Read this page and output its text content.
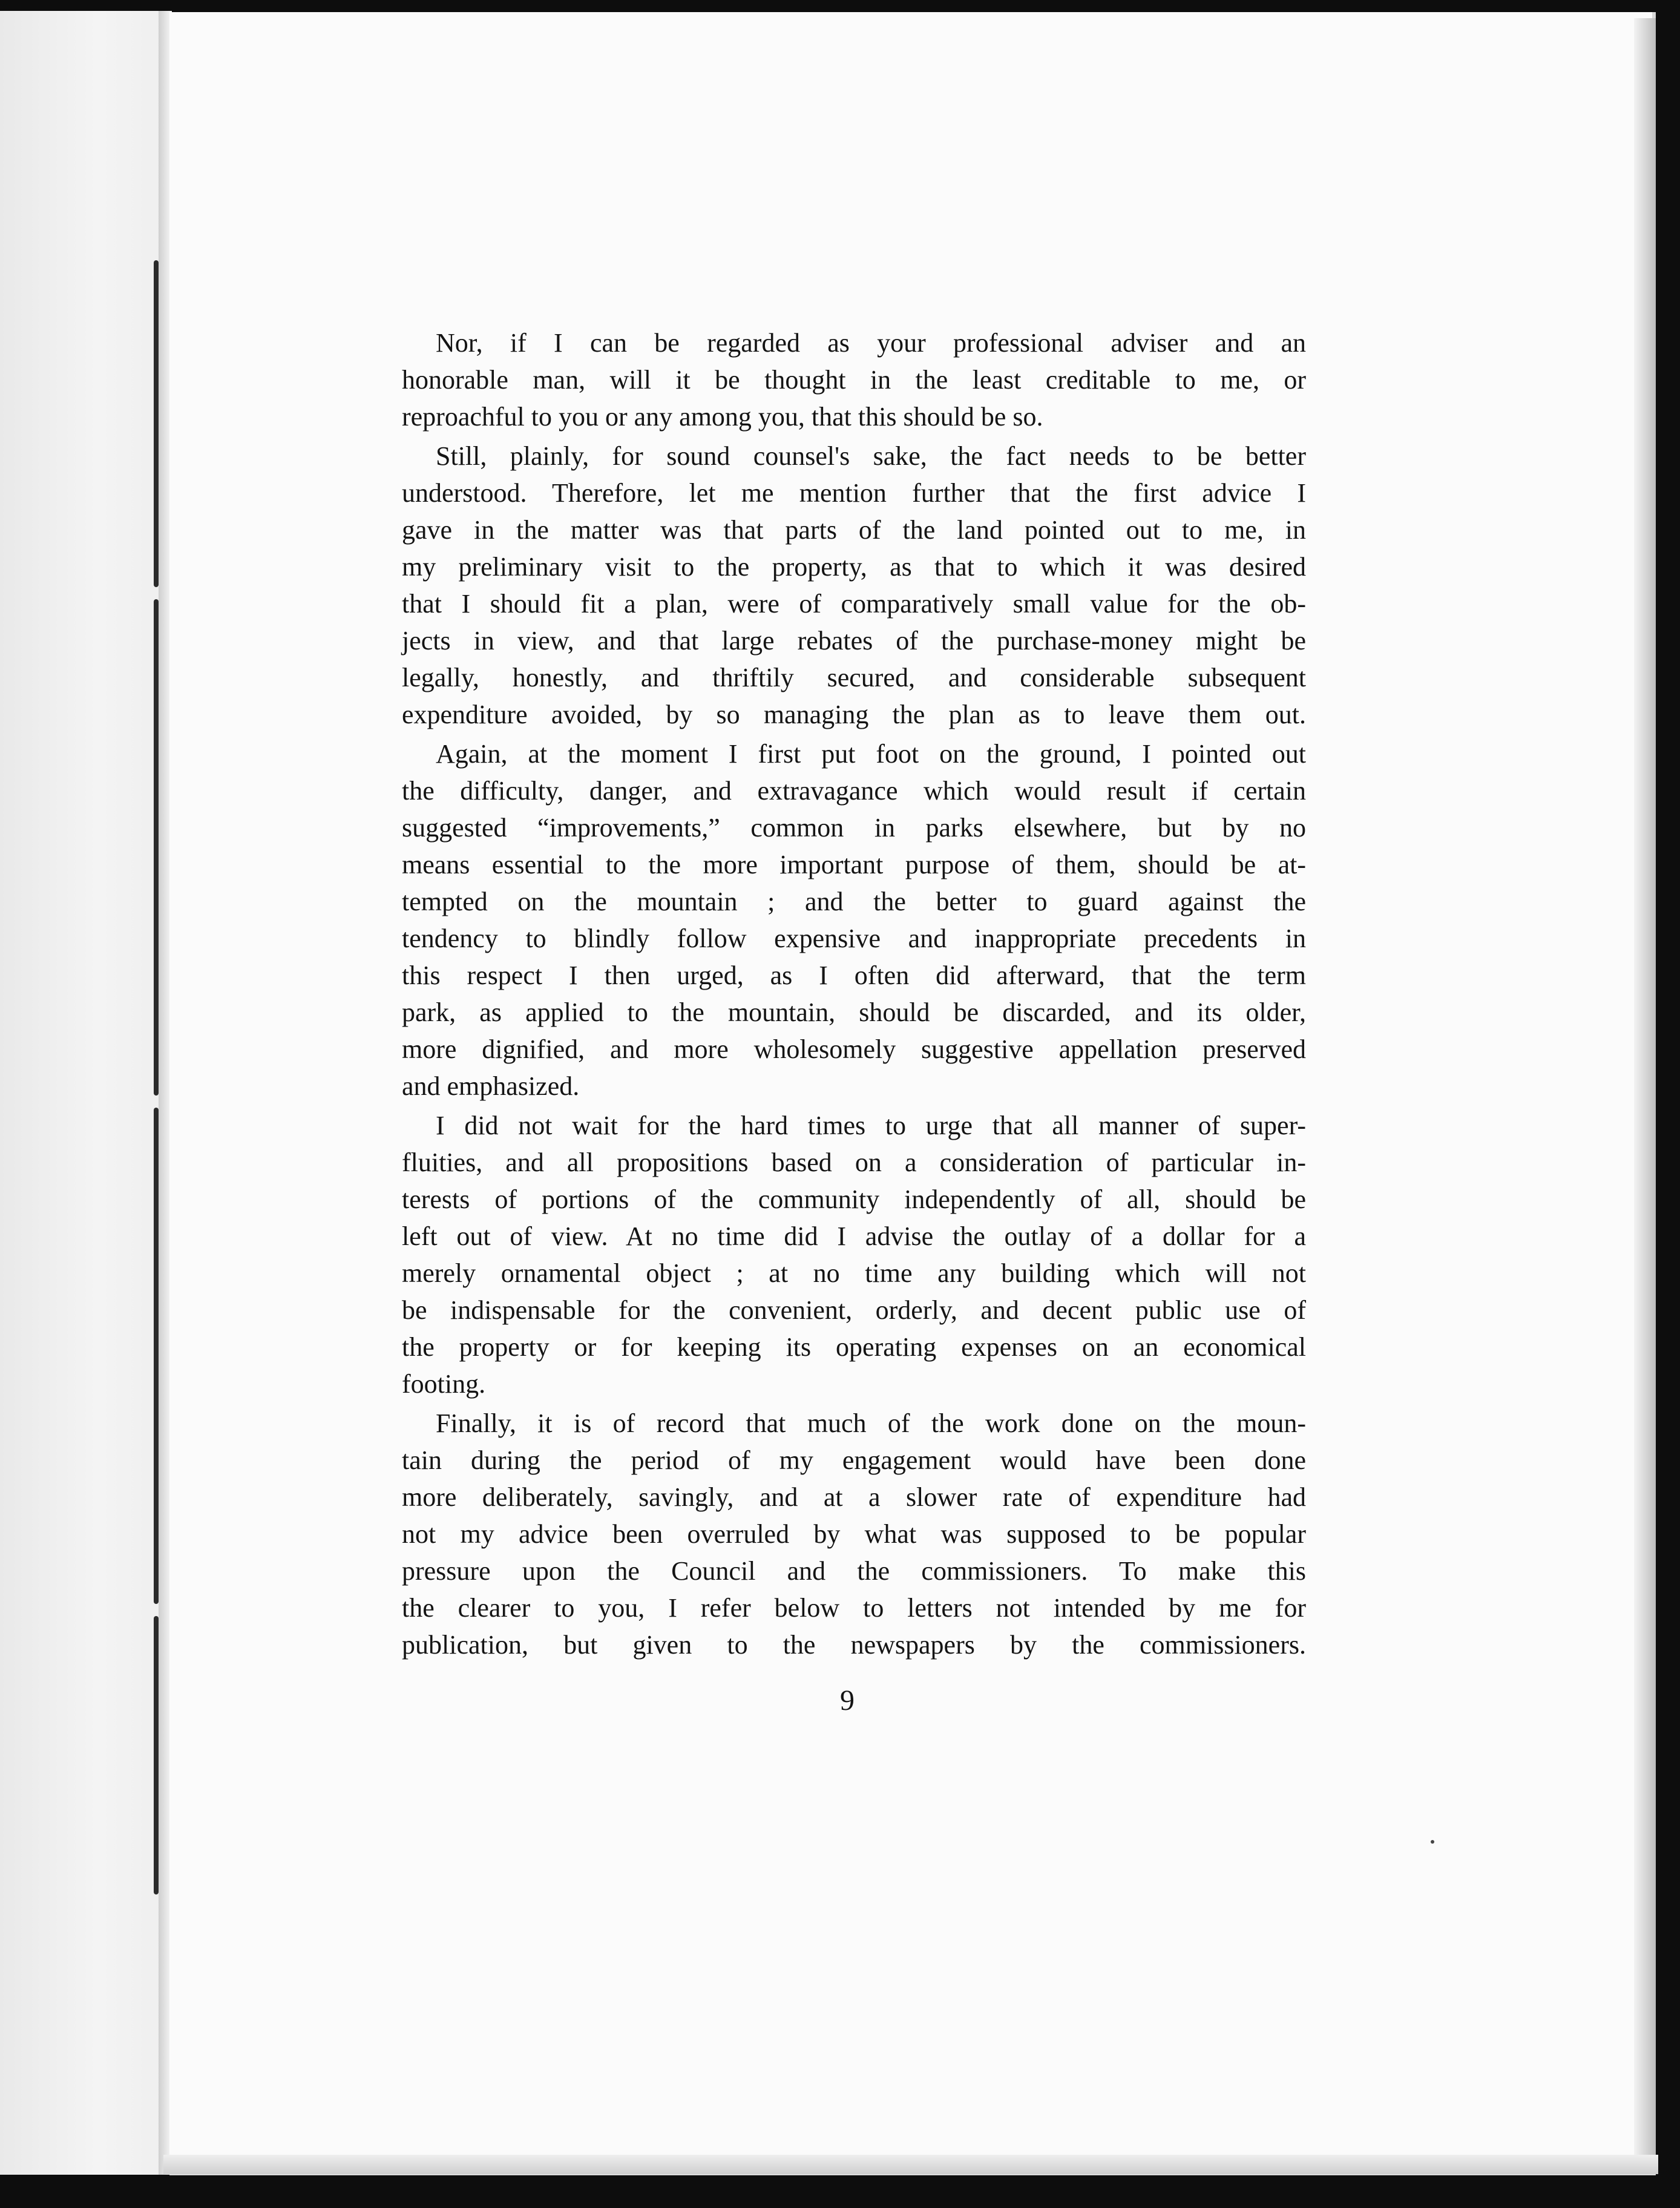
Nor, if I can be regarded as your professional adviser and an
honorable man, will it be thought in the least creditable to me, or
reproachful to you or any among you, that this should be so.
Still, plainly, for sound counsel's sake, the fact needs to be better
understood. Therefore, let me mention further that the first advice I
gave in the matter was that parts of the land pointed out to me, in
my preliminary visit to the property, as that to which it was desired
that I should fit a plan, were of comparatively small value for the ob-
jects in view, and that large rebates of the purchase-money might be
legally, honestly, and thriftily secured, and considerable subsequent
expenditure avoided, by so managing the plan as to leave them out.
Again, at the moment I first put foot on the ground, I pointed out
the difficulty, danger, and extravagance which would result if certain
suggested “improvements,” common in parks elsewhere, but by no
means essential to the more important purpose of them, should be at-
tempted on the mountain ; and the better to guard against the
tendency to blindly follow expensive and inappropriate precedents in
this respect I then urged, as I often did afterward, that the term
park, as applied to the mountain, should be discarded, and its older,
more dignified, and more wholesomely suggestive appellation preserved
and emphasized.
I did not wait for the hard times to urge that all manner of super-
fluities, and all propositions based on a consideration of particular in-
terests of portions of the community independently of all, should be
left out of view. At no time did I advise the outlay of a dollar for a
merely ornamental object ; at no time any building which will not
be indispensable for the convenient, orderly, and decent public use of
the property or for keeping its operating expenses on an economical
footing.
Finally, it is of record that much of the work done on the moun-
tain during the period of my engagement would have been done
more deliberately, savingly, and at a slower rate of expenditure had
not my advice been overruled by what was supposed to be popular
pressure upon the Council and the commissioners. To make this
the clearer to you, I refer below to letters not intended by me for
publication, but given to the newspapers by the commissioners.
9
